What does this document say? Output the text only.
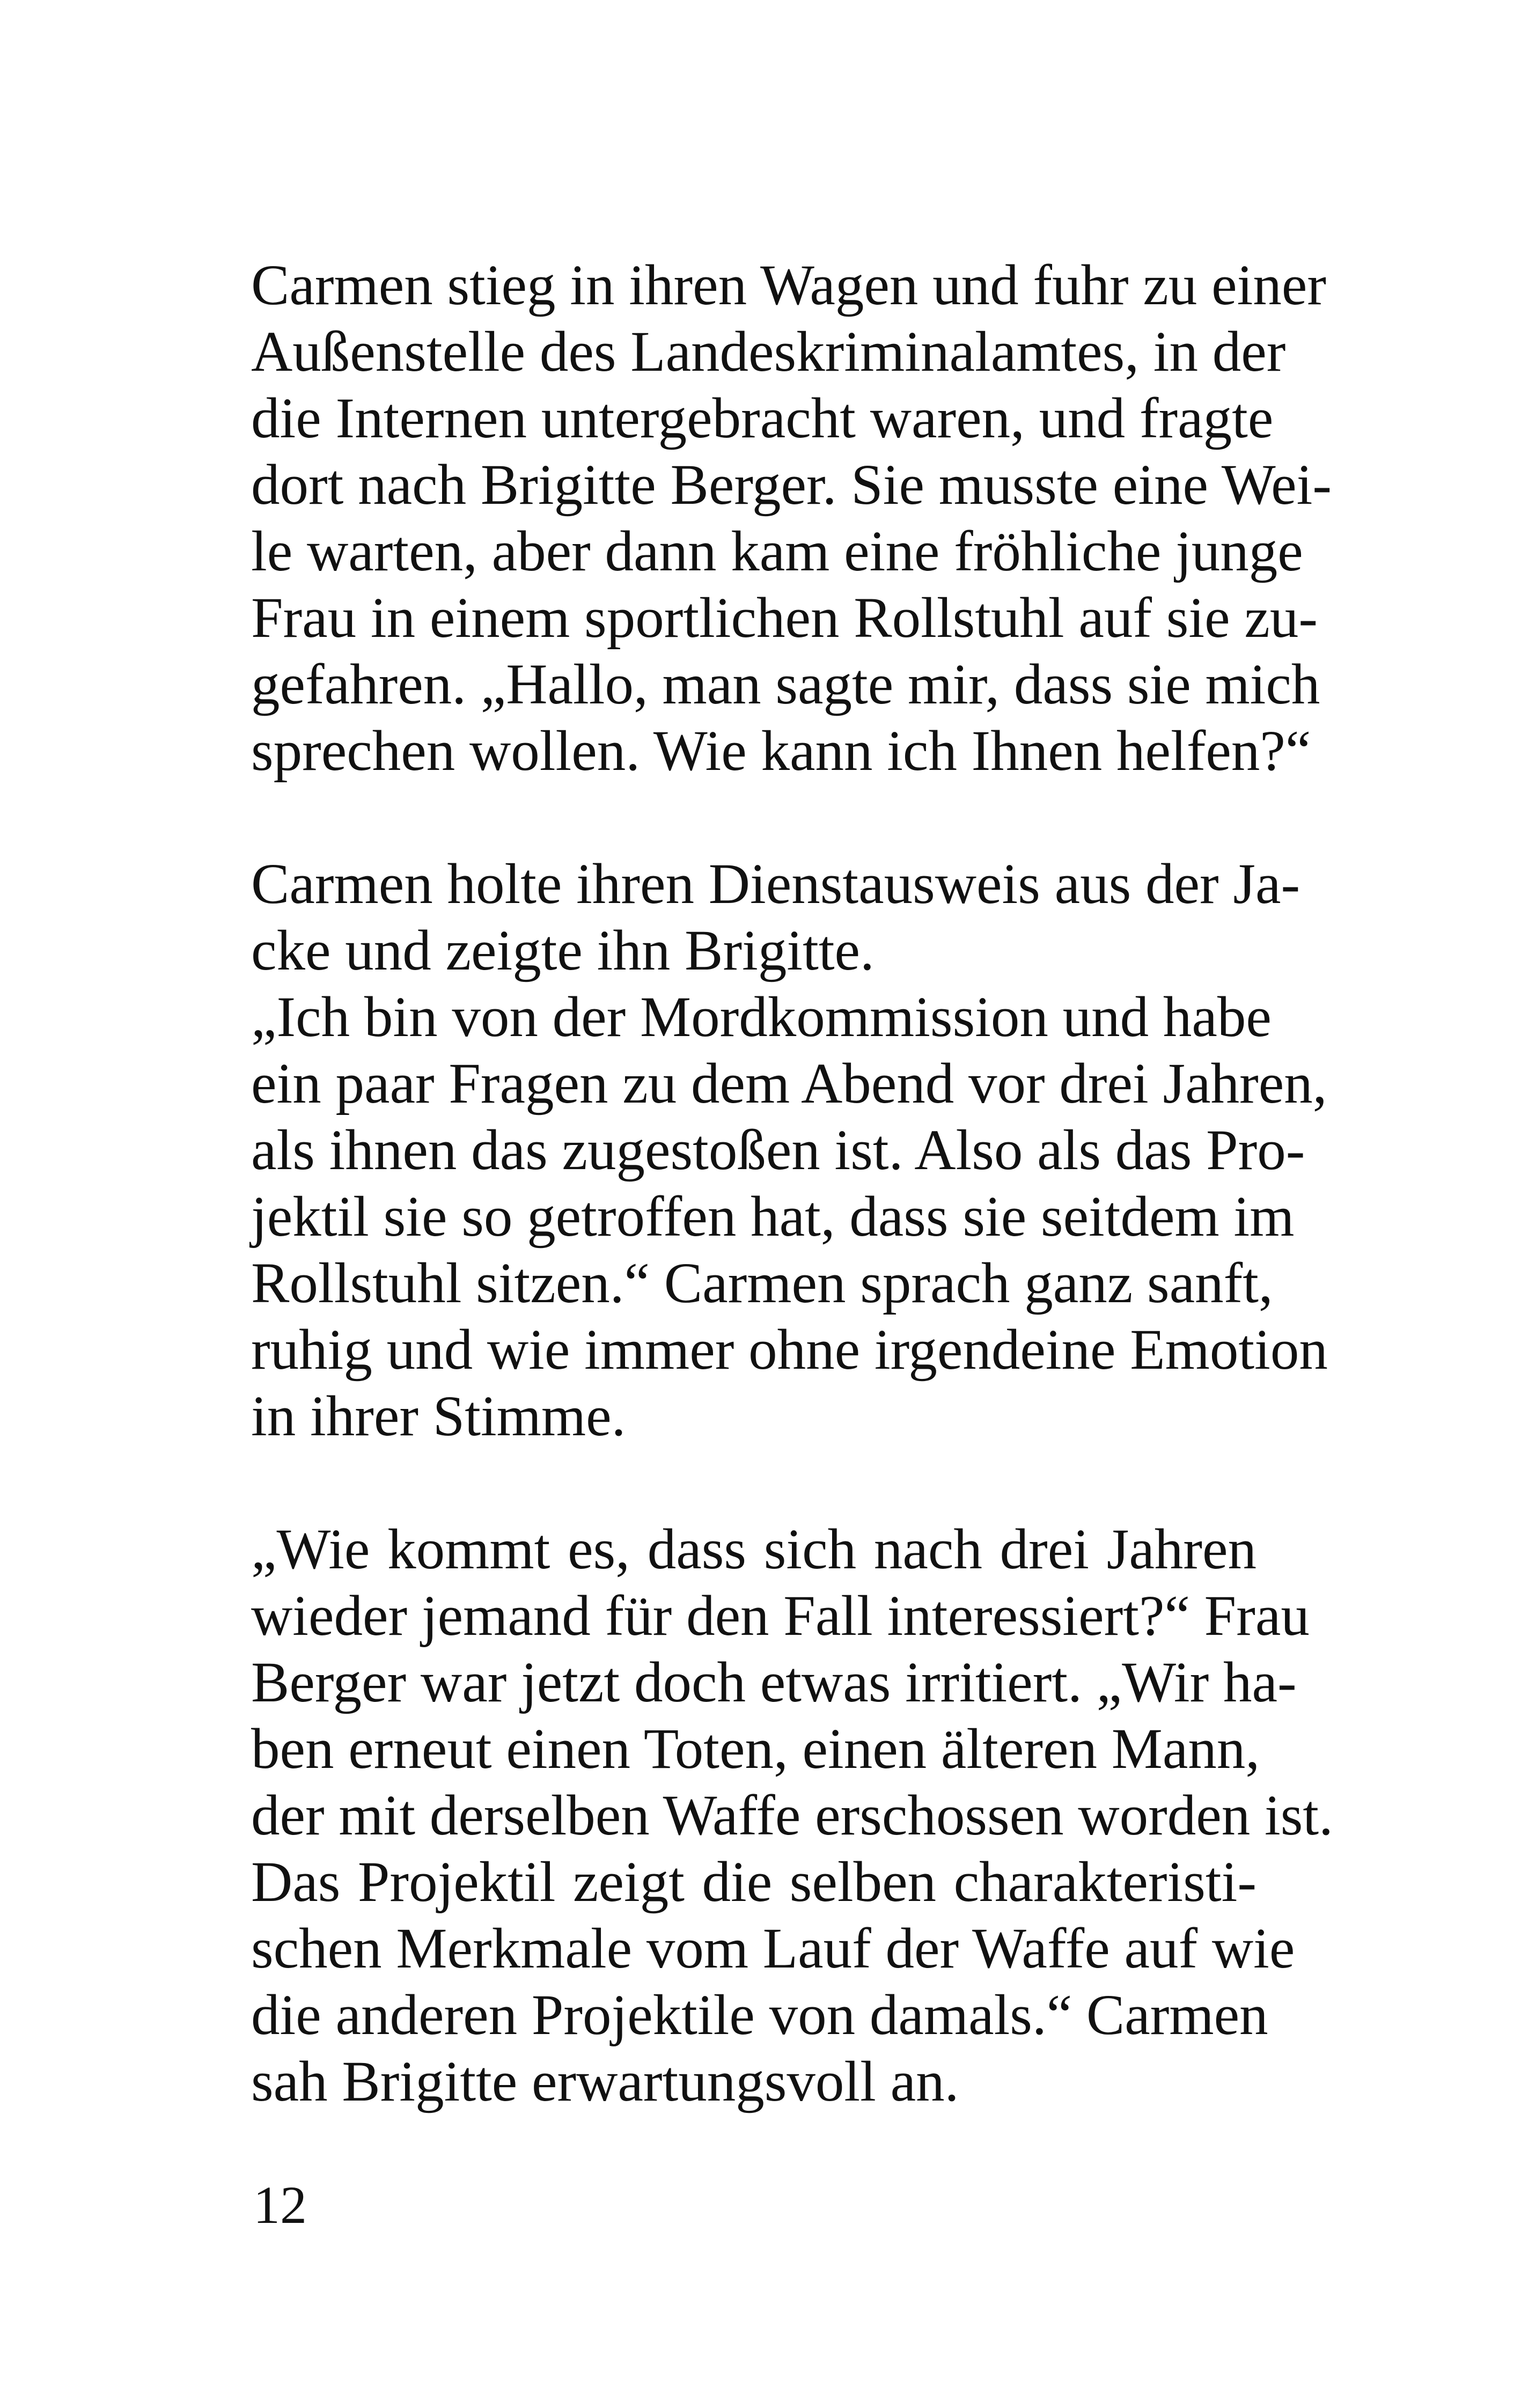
Carmen stieg in ihren Wagen und fuhr zu einer
Außenstelle des Landeskriminalamtes, in der
die Internen untergebracht waren, und fragte
dort nach Brigitte Berger. Sie musste eine Wei-
le warten, aber dann kam eine fröhliche junge
Frau in einem sportlichen Rollstuhl auf sie zu-
gefahren. „Hallo, man sagte mir, dass sie mich
sprechen wollen. Wie kann ich Ihnen helfen?“
Carmen holte ihren Dienstausweis aus der Ja-
cke und zeigte ihn Brigitte.
„Ich bin von der Mordkommission und habe
ein paar Fragen zu dem Abend vor drei Jahren,
als ihnen das zugestoßen ist. Also als das Pro-
jektil sie so getroffen hat, dass sie seitdem im
Rollstuhl sitzen.“ Carmen sprach ganz sanft,
ruhig und wie immer ohne irgendeine Emotion
in ihrer Stimme.
„Wie kommt es, dass sich nach drei Jahren
wieder jemand für den Fall interessiert?“ Frau
Berger war jetzt doch etwas irritiert. „Wir ha-
ben erneut einen Toten, einen älteren Mann,
der mit derselben Waffe erschossen worden ist.
Das Projektil zeigt die selben charakteristi-
schen Merkmale vom Lauf der Waffe auf wie
die anderen Projektile von damals.“ Carmen
sah Brigitte erwartungsvoll an.
12
